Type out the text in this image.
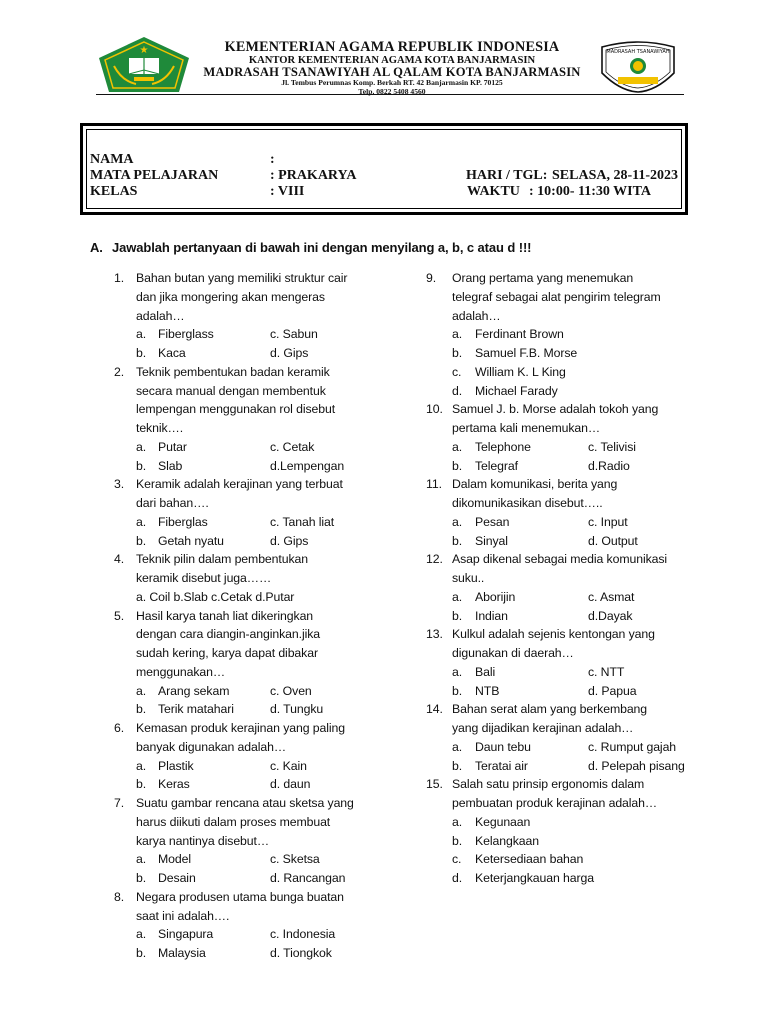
★	KEMENTERIAN AGAMA REPUBLIK INDONESIA
KANTOR KEMENTERIAN AGAMA KOTA BANJARMASIN
MADRASAH TSANAWIYAH AL QALAM KOTA BANJARMASIN
Jl. Tembus Perumnas Komp. Berkah RT. 42 Banjarmasin KP. 70125
Telp. 0822 5408 4560
MADRASAH TSANAWIYAH
NAMA	:
MATA PELAJARAN	: PRAKARYA
KELAS	: VIII
HARI / TGL: SELASA, 28-11-2023
WAKTU : 10:00- 11:30 WITA
A. Jawablah pertanyaan di bawah ini dengan menyilang a, b, c atau d !!!
1. Bahan butan yang memiliki struktur cair
dan jika mongering akan mengeras
adalah…
a. Fiberglass	c. Sabun
b. Kaca	d. Gips
2. Teknik pembentukan badan keramik
secara manual dengan membentuk
lempengan menggunakan rol disebut
teknik….
a. Putar	c. Cetak
b. Slab	d.Lempengan
3. Keramik adalah kerajinan yang terbuat
dari bahan….
a. Fiberglas	c. Tanah liat
b. Getah nyatu	d. Gips
4. Teknik pilin dalam pembentukan
keramik disebut juga……
a. Coil b.Slab c.Cetak d.Putar
5. Hasil karya tanah liat dikeringkan
dengan cara diangin-anginkan.jika
sudah kering, karya dapat dibakar
menggunakan…
a. Arang sekam	c. Oven
b. Terik matahari	d. Tungku
6. Kemasan produk kerajinan yang paling
banyak digunakan adalah…
a. Plastik	c. Kain
b. Keras	d. daun
7. Suatu gambar rencana atau sketsa yang
harus diikuti dalam proses membuat
karya nantinya disebut…
a. Model	c. Sketsa
b. Desain	d. Rancangan
8. Negara produsen utama bunga buatan
saat ini adalah….
a. Singapura	c. Indonesia
b. Malaysia	d. Tiongkok
9. Orang pertama yang menemukan
telegraf sebagai alat pengirim telegram
adalah…
a. Ferdinant Brown
b. Samuel F.B. Morse
c. William K. L King
d. Michael Farady
10. Samuel J. b. Morse adalah tokoh yang
pertama kali menemukan…
a. Telephone	c. Telivisi
b. Telegraf	d.Radio
11. Dalam komunikasi, berita yang
dikomunikasikan disebut…..
a. Pesan	c. Input
b. Sinyal	d. Output
12. Asap dikenal sebagai media komunikasi
suku..
a. Aborijin	c. Asmat
b. Indian	d.Dayak
13. Kulkul adalah sejenis kentongan yang
digunakan di daerah…
a. Bali	c. NTT
b. NTB	d. Papua
14. Bahan serat alam yang berkembang
yang dijadikan kerajinan adalah…
a. Daun tebu	c. Rumput gajah
b. Teratai air	d. Pelepah pisang
15. Salah satu prinsip ergonomis dalam
pembuatan produk kerajinan adalah…
a. Kegunaan
b. Kelangkaan
c. Ketersediaan bahan
d. Keterjangkauan harga
